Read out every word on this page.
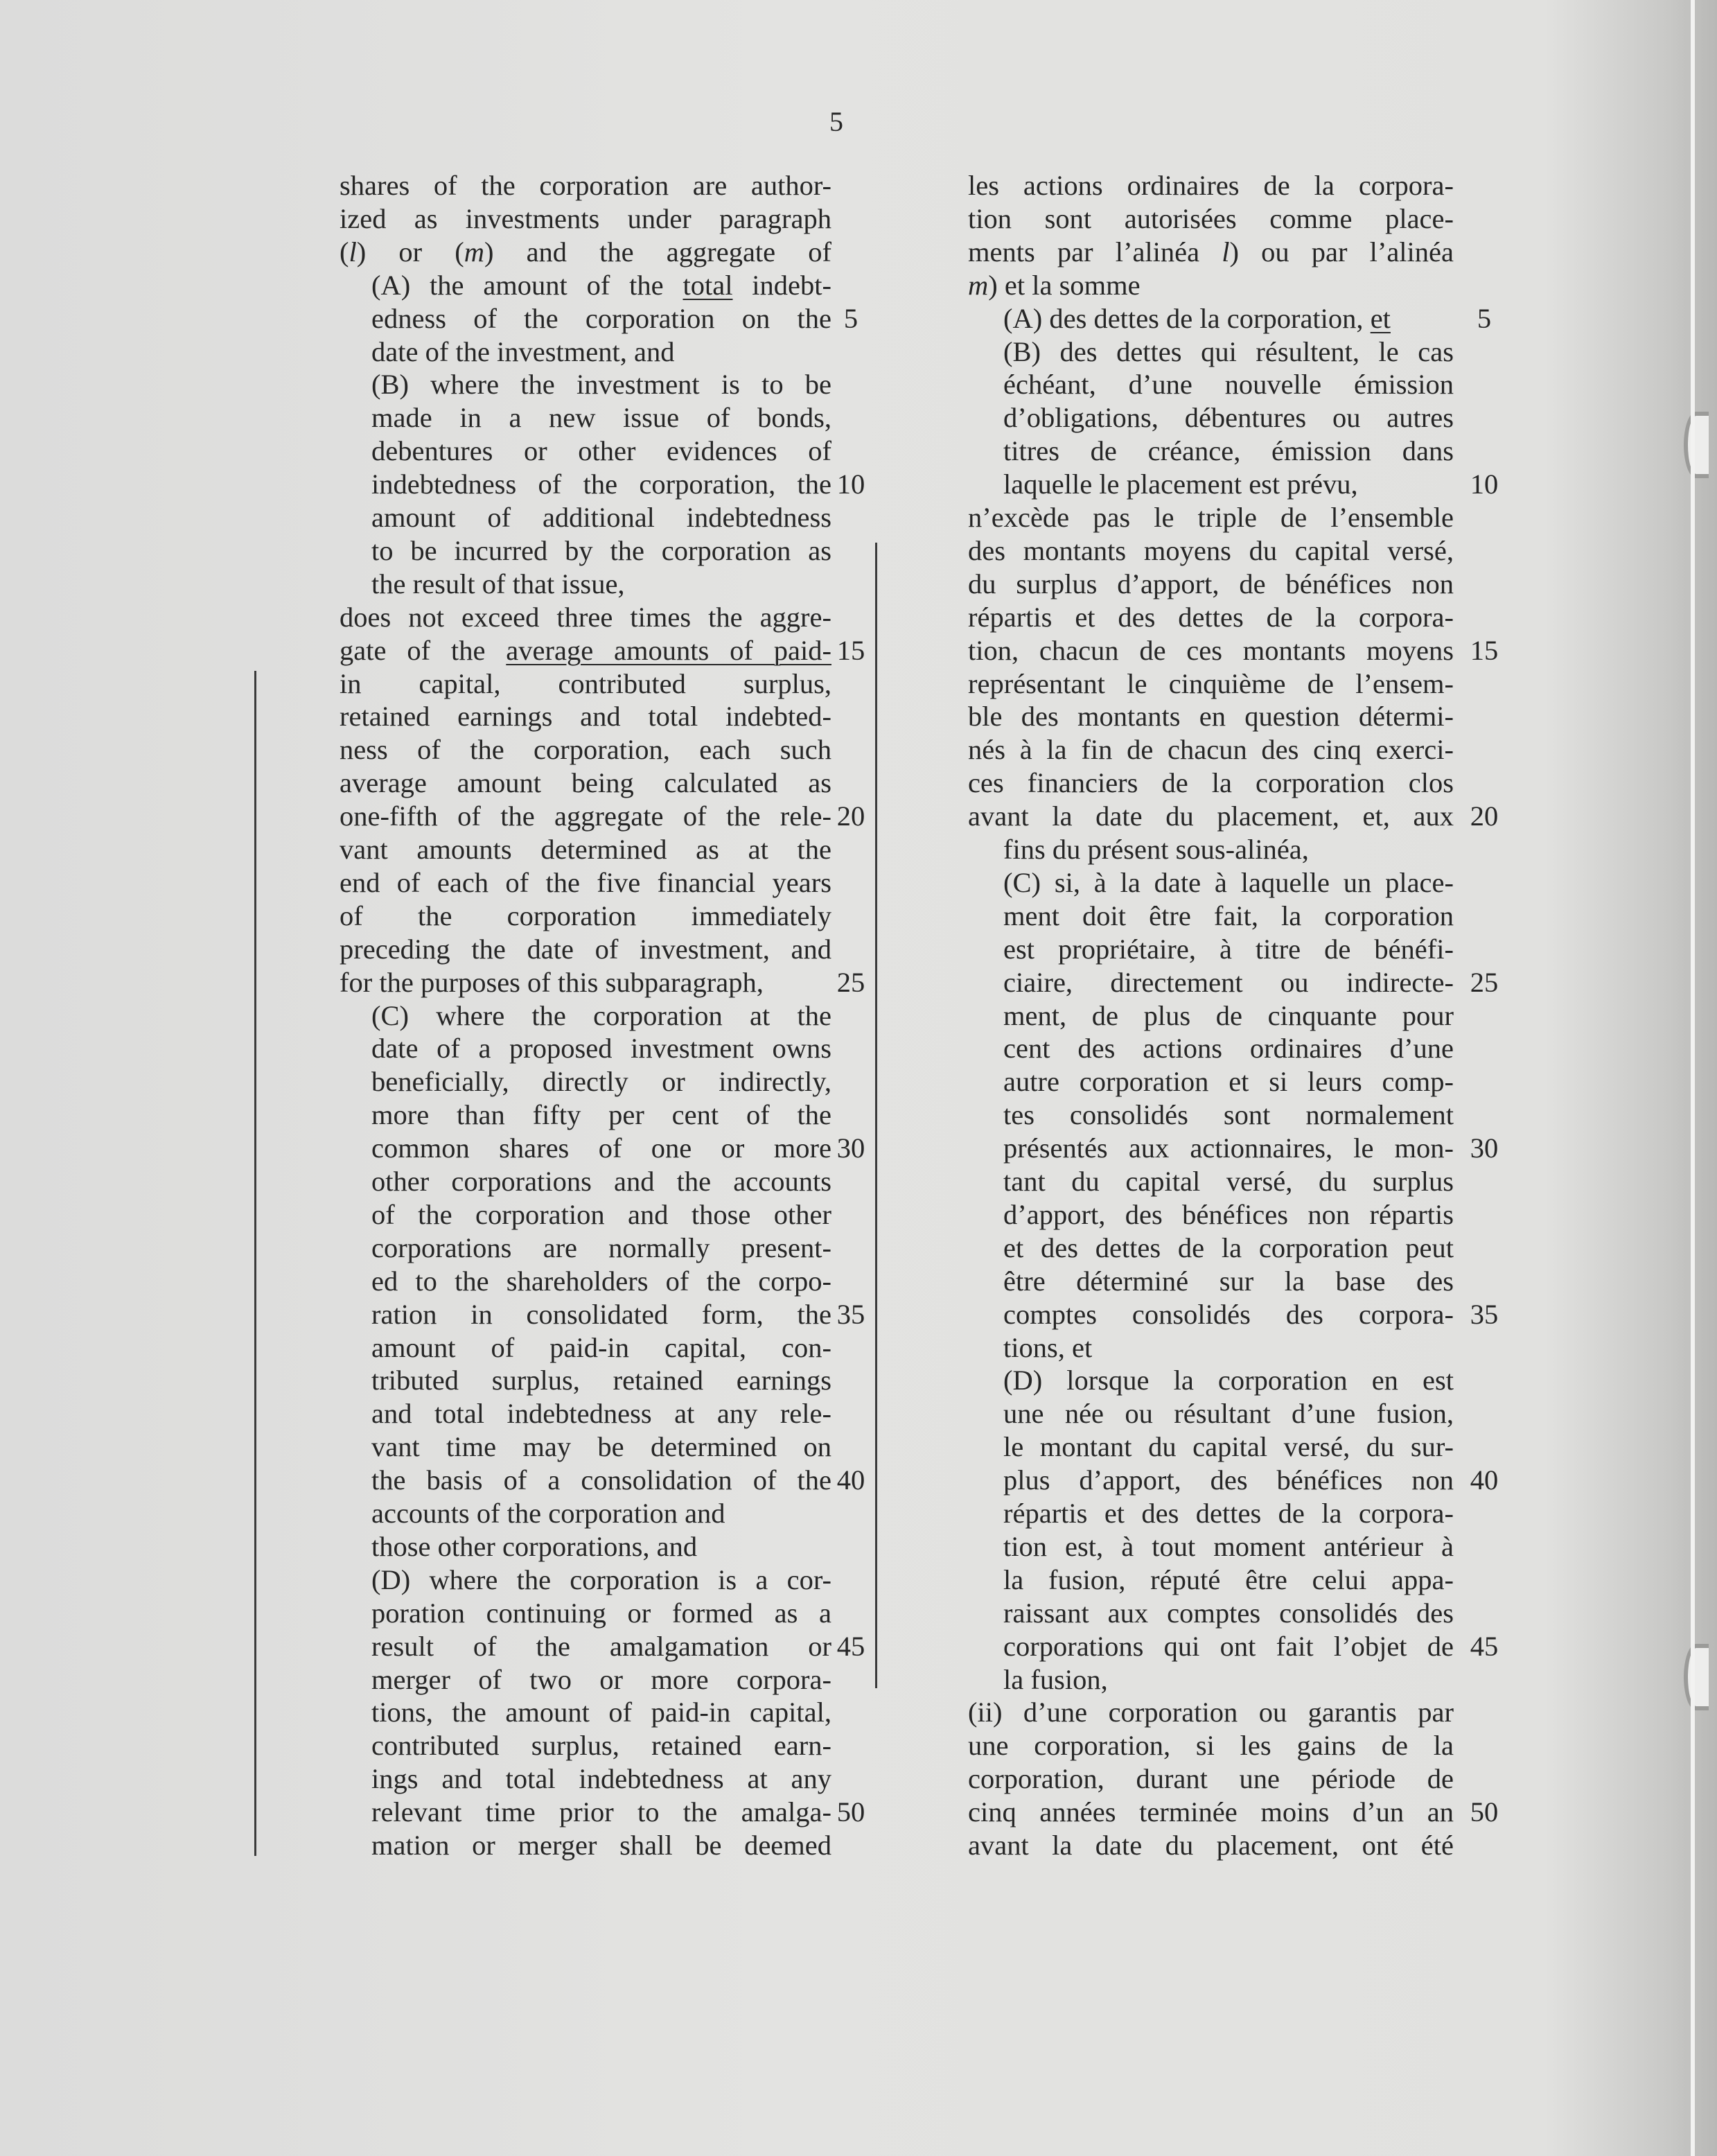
5
shares of the corporation are author-
ized as investments under paragraph
(l) or (m) and the aggregate of
(A) the amount of the total indebt-
edness of the corporation on the
date of the investment, and
(B) where the investment is to be
made in a new issue of bonds,
debentures or other evidences of
indebtedness of the corporation, the
amount of additional indebtedness
to be incurred by the corporation as
the result of that issue,
does not exceed three times the aggre-
gate of the average amounts of paid-
in capital, contributed surplus,
retained earnings and total indebted-
ness of the corporation, each such
average amount being calculated as
one-fifth of the aggregate of the rele-
vant amounts determined as at the
end of each of the five financial years
of the corporation immediately
preceding the date of investment, and
for the purposes of this subparagraph,
(C) where the corporation at the
date of a proposed investment owns
beneficially, directly or indirectly,
more than fifty per cent of the
common shares of one or more
other corporations and the accounts
of the corporation and those other
corporations are normally present-
ed to the shareholders of the corpo-
ration in consolidated form, the
amount of paid-in capital, con-
tributed surplus, retained earnings
and total indebtedness at any rele-
vant time may be determined on
the basis of a consolidation of the
accounts of the corporation and
those other corporations, and
(D) where the corporation is a cor-
poration continuing or formed as a
result of the amalgamation or
merger of two or more corpora-
tions, the amount of paid-in capital,
contributed surplus, retained earn-
ings and total indebtedness at any
relevant time prior to the amalga-
mation or merger shall be deemed
5
10
15
20
25
30
35
40
45
50
les actions ordinaires de la corpora-
tion sont autorisées comme place-
ments par l’alinéa l) ou par l’alinéa
m) et la somme
(A) des dettes de la corporation, et
(B) des dettes qui résultent, le cas
échéant, d’une nouvelle émission
d’obligations, débentures ou autres
titres de créance, émission dans
laquelle le placement est prévu,
n’excède pas le triple de l’ensemble
des montants moyens du capital versé,
du surplus d’apport, de bénéfices non
répartis et des dettes de la corpora-
tion, chacun de ces montants moyens
représentant le cinquième de l’ensem-
ble des montants en question détermi-
nés à la fin de chacun des cinq exerci-
ces financiers de la corporation clos
avant la date du placement, et, aux
fins du présent sous-alinéa,
(C) si, à la date à laquelle un place-
ment doit être fait, la corporation
est propriétaire, à titre de bénéfi-
ciaire, directement ou indirecte-
ment, de plus de cinquante pour
cent des actions ordinaires d’une
autre corporation et si leurs comp-
tes consolidés sont normalement
présentés aux actionnaires, le mon-
tant du capital versé, du surplus
d’apport, des bénéfices non répartis
et des dettes de la corporation peut
être déterminé sur la base des
comptes consolidés des corpora-
tions, et
(D) lorsque la corporation en est
une née ou résultant d’une fusion,
le montant du capital versé, du sur-
plus d’apport, des bénéfices non
répartis et des dettes de la corpora-
tion est, à tout moment antérieur à
la fusion, réputé être celui appa-
raissant aux comptes consolidés des
corporations qui ont fait l’objet de
la fusion,
(ii) d’une corporation ou garantis par
une corporation, si les gains de la
corporation, durant une période de
cinq années terminée moins d’un an
avant la date du placement, ont été
5
10
15
20
25
30
35
40
45
50
